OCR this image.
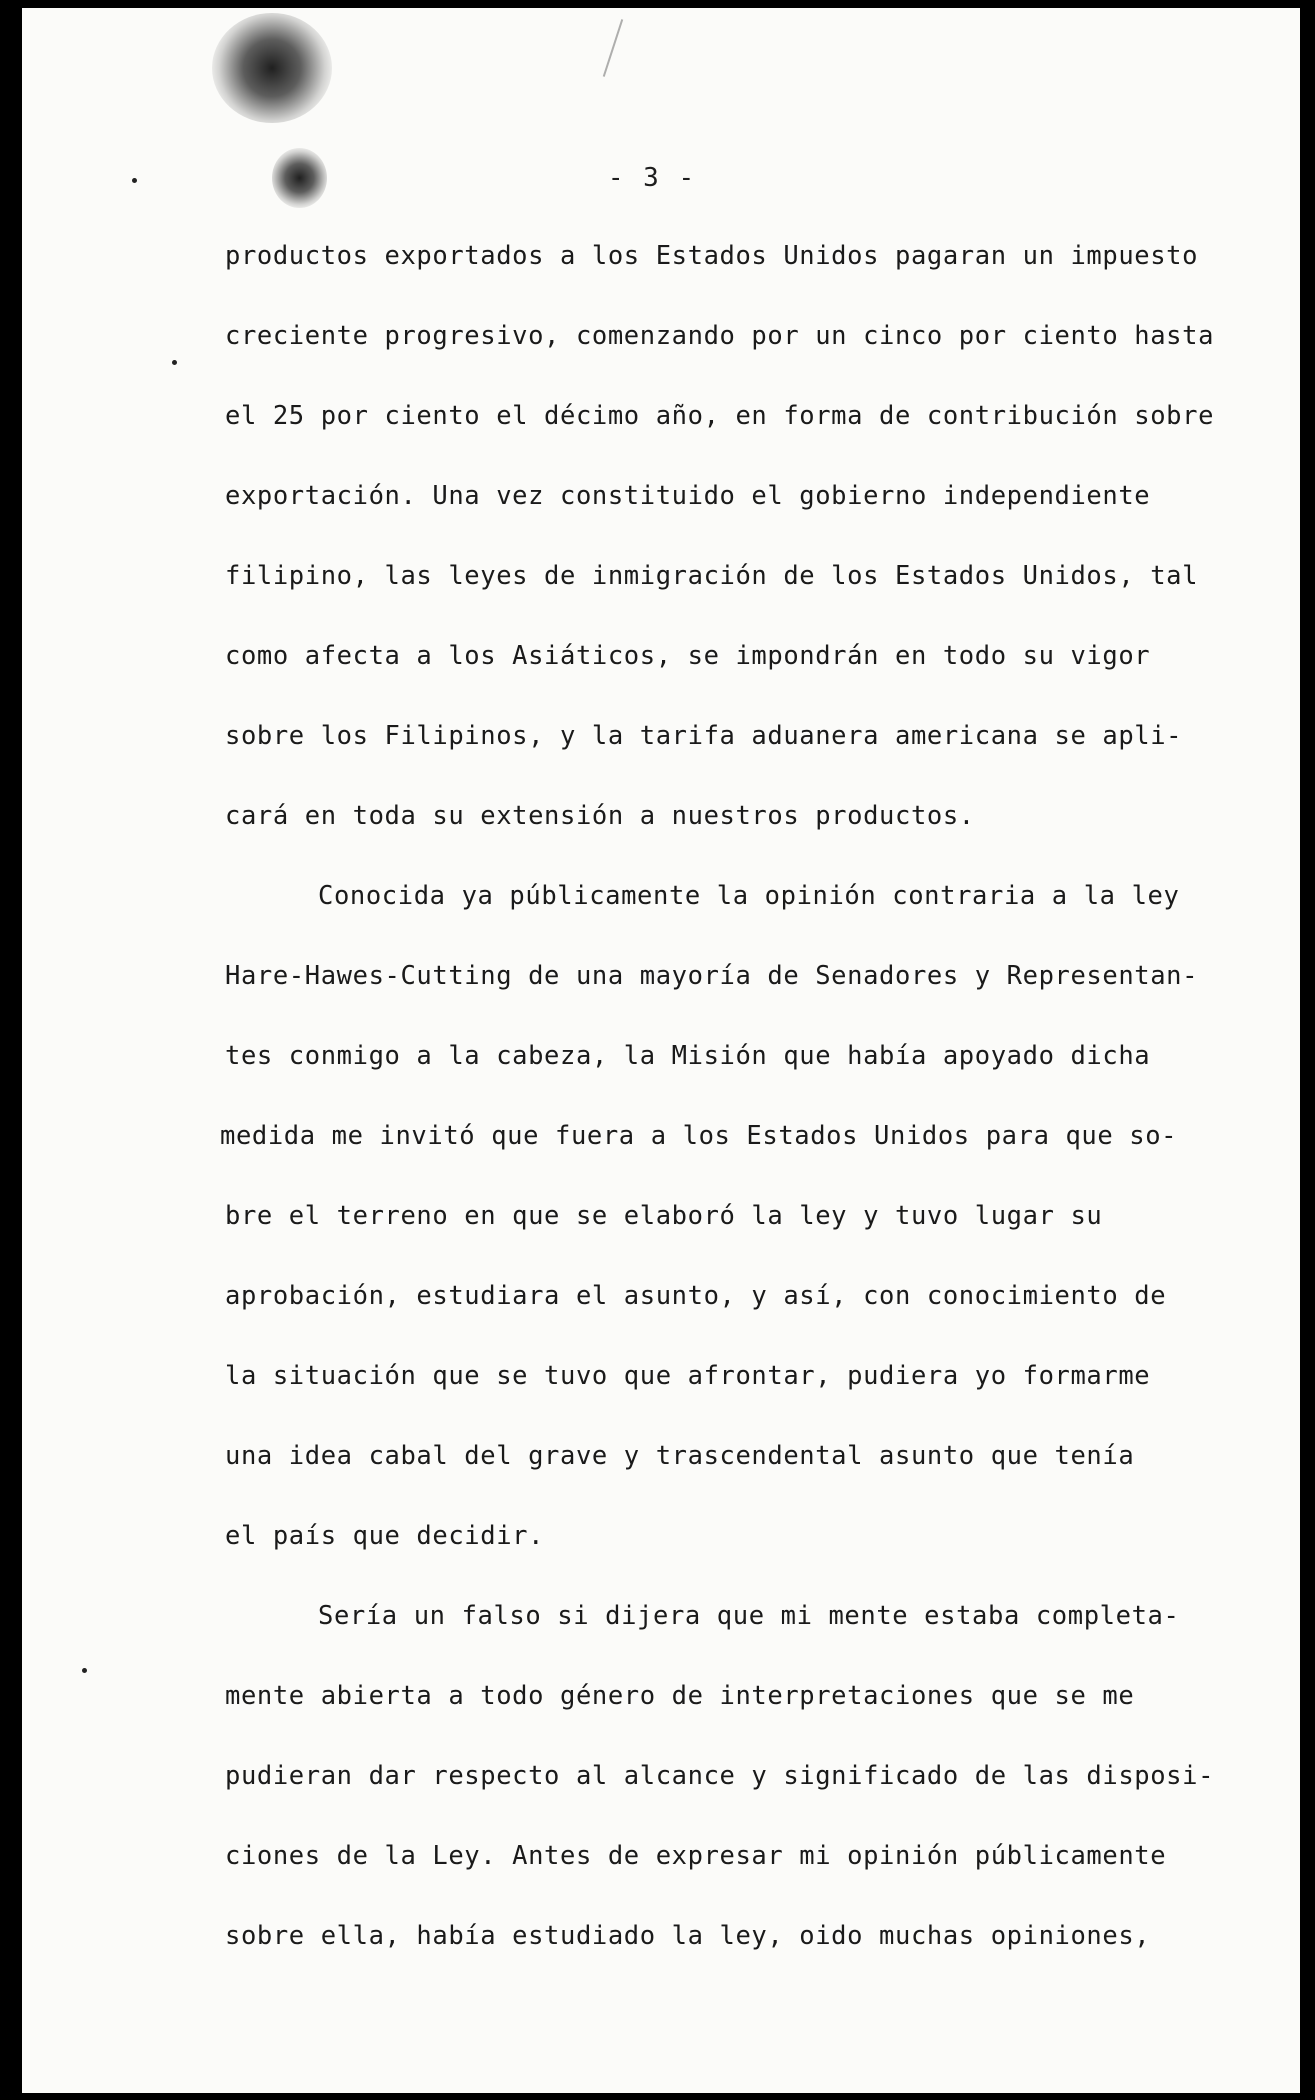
- 3 -
productos exportados a los Estados Unidos pagaran un impuesto
creciente progresivo, comenzando por un cinco por ciento hasta
el 25 por ciento el décimo año, en forma de contribución sobre
exportación. Una vez constituido el gobierno independiente
filipino, las leyes de inmigración de los Estados Unidos, tal
como afecta a los Asiáticos, se impondrán en todo su vigor
sobre los Filipinos, y la tarifa aduanera americana se apli-
cará en toda su extensión a nuestros productos.
Conocida ya públicamente la opinión contraria a la ley
Hare-Hawes-Cutting de una mayoría de Senadores y Representan-
tes conmigo a la cabeza, la Misión que había apoyado dicha
medida me invitó que fuera a los Estados Unidos para que so-
bre el terreno en que se elaboró la ley y tuvo lugar su
aprobación, estudiara el asunto, y así, con conocimiento de
la situación que se tuvo que afrontar, pudiera yo formarme
una idea cabal del grave y trascendental asunto que tenía
el país que decidir.
Sería un falso si dijera que mi mente estaba completa-
mente abierta a todo género de interpretaciones que se me
pudieran dar respecto al alcance y significado de las disposi-
ciones de la Ley. Antes de expresar mi opinión públicamente
sobre ella, había estudiado la ley, oido muchas opiniones,
